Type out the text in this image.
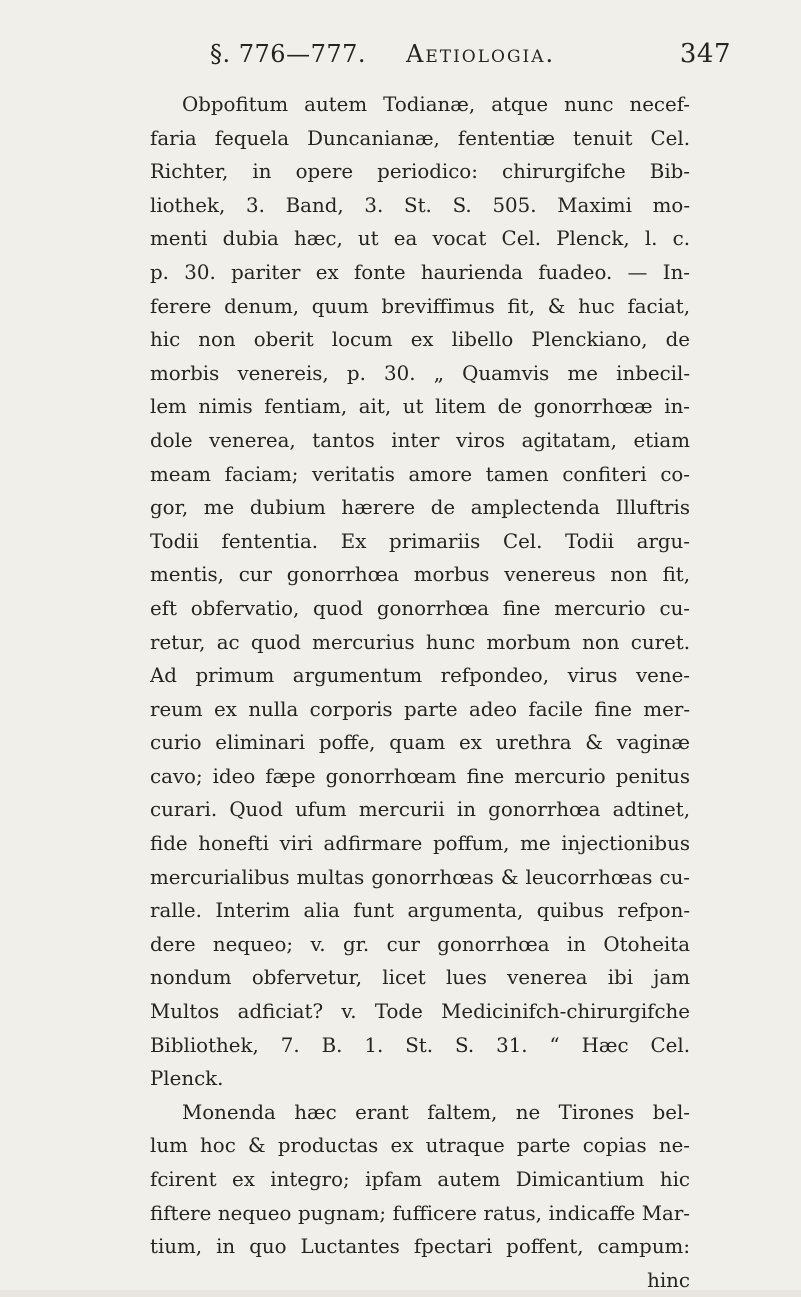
§. 776—777. Aetiologia.	347
Obpofitum autem Todianæ, atque nunc necef-
faria fequela Duncanianæ, fententiæ tenuit Cel.
Richter, in opere periodico: chirurgifche Bib-
liothek, 3. Band, 3. St. S. 505. Maximi mo-
menti dubia hæc, ut ea vocat Cel. Plenck, l. c.
p. 30. pariter ex fonte haurienda fuadeo. — In-
ferere denum, quum breviffimus fit, & huc faciat,
hic non oberit locum ex libello Plenckiano, de
morbis venereis, p. 30. „ Quamvis me inbecil-
lem nimis fentiam, ait, ut litem de gonorrhœæ in-
dole venerea, tantos inter viros agitatam, etiam
meam faciam; veritatis amore tamen confiteri co-
gor, me dubium hærere de amplectenda Illuftris
Todii fententia. Ex primariis Cel. Todii argu-
mentis, cur gonorrhœa morbus venereus non fit,
eft obfervatio, quod gonorrhœa fine mercurio cu-
retur, ac quod mercurius hunc morbum non curet.
Ad primum argumentum refpondeo, virus vene-
reum ex nulla corporis parte adeo facile fine mer-
curio eliminari poffe, quam ex urethra & vaginæ
cavo; ideo fæpe gonorrhœam fine mercurio penitus
curari. Quod ufum mercurii in gonorrhœa adtinet,
fide honefti viri adfirmare poffum, me injectionibus
mercurialibus multas gonorrhœas & leucorrhœas cu-
ralle. Interim alia funt argumenta, quibus refpon-
dere nequeo; v. gr. cur gonorrhœa in Otoheita
nondum obfervetur, licet lues venerea ibi jam
Multos adficiat? v. Tode Medicinifch-chirurgifche
Bibliothek, 7. B. 1. St. S. 31. “ Hæc Cel.
Plenck.
Monenda hæc erant faltem, ne Tirones bel-
lum hoc & productas ex utraque parte copias ne-
fcirent ex integro; ipfam autem Dimicantium hic
fiftere nequeo pugnam; fufficere ratus, indicaffe Mar-
tium, in quo Luctantes fpectari poffent, campum:
hinc
